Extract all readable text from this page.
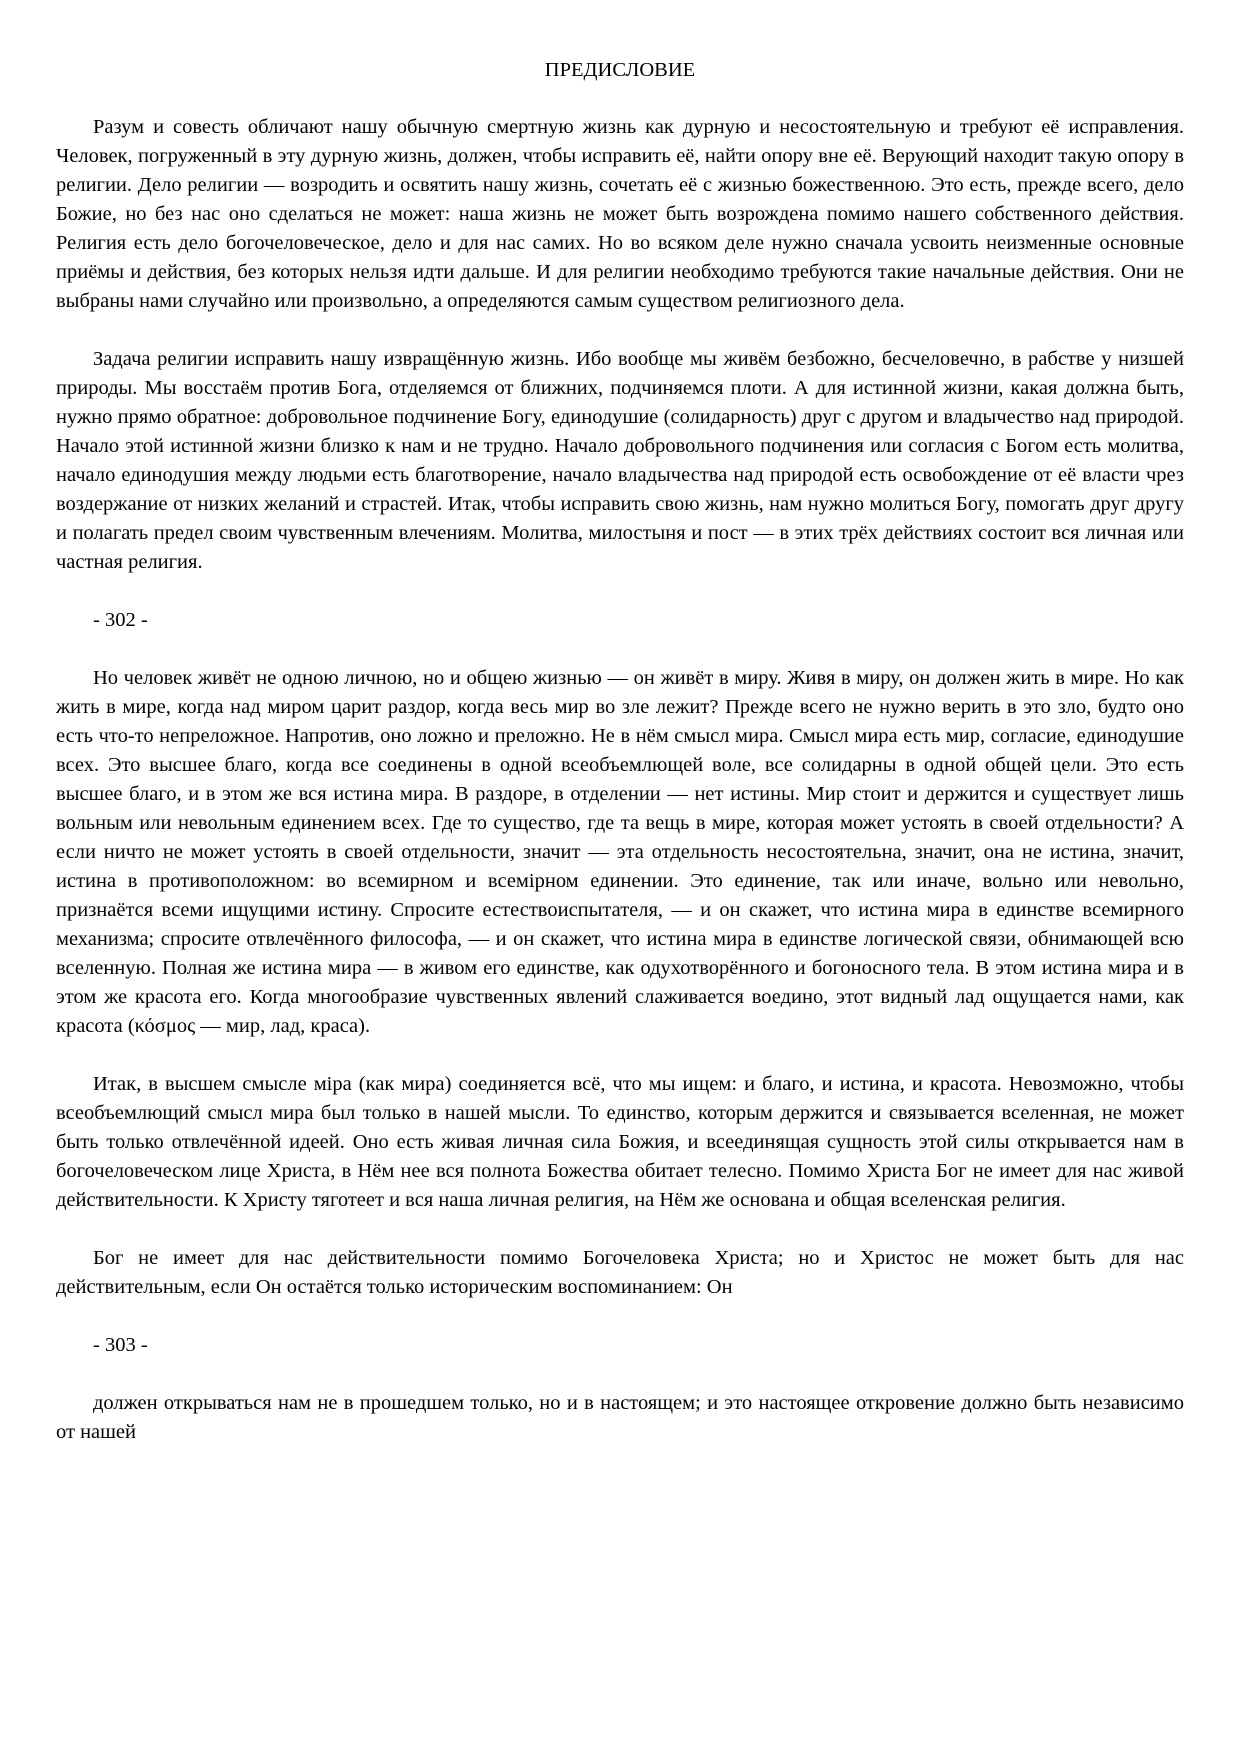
ПРЕДИСЛОВИЕ
Разум и совесть обличают нашу обычную смертную жизнь как дурную и несостоятельную и требуют её исправления. Человек, погруженный в эту дурную жизнь, должен, чтобы исправить её, найти опору вне её. Верующий находит такую опору в религии. Дело религии — возродить и освятить нашу жизнь, сочетать её с жизнью божественною. Это есть, прежде всего, дело Божие, но без нас оно сделаться не может: наша жизнь не может быть возрождена помимо нашего собственного действия. Религия есть дело богочеловеческое, дело и для нас самих. Но во всяком деле нужно сначала усвоить неизменные основные приёмы и действия, без которых нельзя идти дальше. И для религии необходимо требуются такие начальные действия. Они не выбраны нами случайно или произвольно, а определяются самым существом религиозного дела.
Задача религии исправить нашу извращённую жизнь. Ибо вообще мы живём безбожно, бесчеловечно, в рабстве у низшей природы. Мы восстаём против Бога, отделяемся от ближних, подчиняемся плоти. А для истинной жизни, какая должна быть, нужно прямо обратное: добровольное подчинение Богу, единодушие (солидарность) друг с другом и владычество над природой. Начало этой истинной жизни близко к нам и не трудно. Начало добровольного подчинения или согласия с Богом есть молитва, начало единодушия между людьми есть благотворение, начало владычества над природой есть освобождение от её власти чрез воздержание от низких желаний и страстей. Итак, чтобы исправить свою жизнь, нам нужно молиться Богу, помогать друг другу и полагать предел своим чувственным влечениям. Молитва, милостыня и пост — в этих трёх действиях состоит вся личная или частная религия.
- 302 -
Но человек живёт не одною личною, но и общею жизнью — он живёт в миру. Живя в миру, он должен жить в мире. Но как жить в мире, когда над миром царит раздор, когда весь мир во зле лежит? Прежде всего не нужно верить в это зло, будто оно есть что-то непреложное. Напротив, оно ложно и преложно. Не в нём смысл мира. Смысл мира есть мир, согласие, единодушие всех. Это высшее благо, когда все соединены в одной всеобъемлющей воле, все солидарны в одной общей цели. Это есть высшее благо, и в этом же вся истина мира. В раздоре, в отделении — нет истины. Мир стоит и держится и существует лишь вольным или невольным единением всех. Где то существо, где та вещь в мире, которая может устоять в своей отдельности? А если ничто не может устоять в своей отдельности, значит — эта отдельность несостоятельна, значит, она не истина, значит, истина в противоположном: во всемирном и всемiрном единении. Это единение, так или иначе, вольно или невольно, признаётся всеми ищущими истину. Спросите естествоиспытателя, — и он скажет, что истина мира в единстве всемирного механизма; спросите отвлечённого философа, — и он скажет, что истина мира в единстве логической связи, обнимающей всю вселенную. Полная же истина мира — в живом его единстве, как одухотворённого и богоносного тела. В этом истина мира и в этом же красота его. Когда многообразие чувственных явлений слаживается воедино, этот видный лад ощущается нами, как красота (κόσμος — мир, лад, краса).
Итак, в высшем смысле мiра (как мира) соединяется всё, что мы ищем: и благо, и истина, и красота. Невозможно, чтобы всеобъемлющий смысл мира был только в нашей мысли. То единство, которым держится и связывается вселенная, не может быть только отвлечённой идеей. Оно есть живая личная сила Божия, и всеединящая сущность этой силы открывается нам в богочеловеческом лице Христа, в Нём нее вся полнота Божества обитает телесно. Помимо Христа Бог не имеет для нас живой действительности. К Христу тяготеет и вся наша личная религия, на Нём же основана и общая вселенская религия.
Бог не имеет для нас действительности помимо Богочеловека Христа; но и Христос не может быть для нас действительным, если Он остаётся только историческим воспоминанием: Он
- 303 -
должен открываться нам не в прошедшем только, но и в настоящем; и это настоящее откровение должно быть независимо от нашей
